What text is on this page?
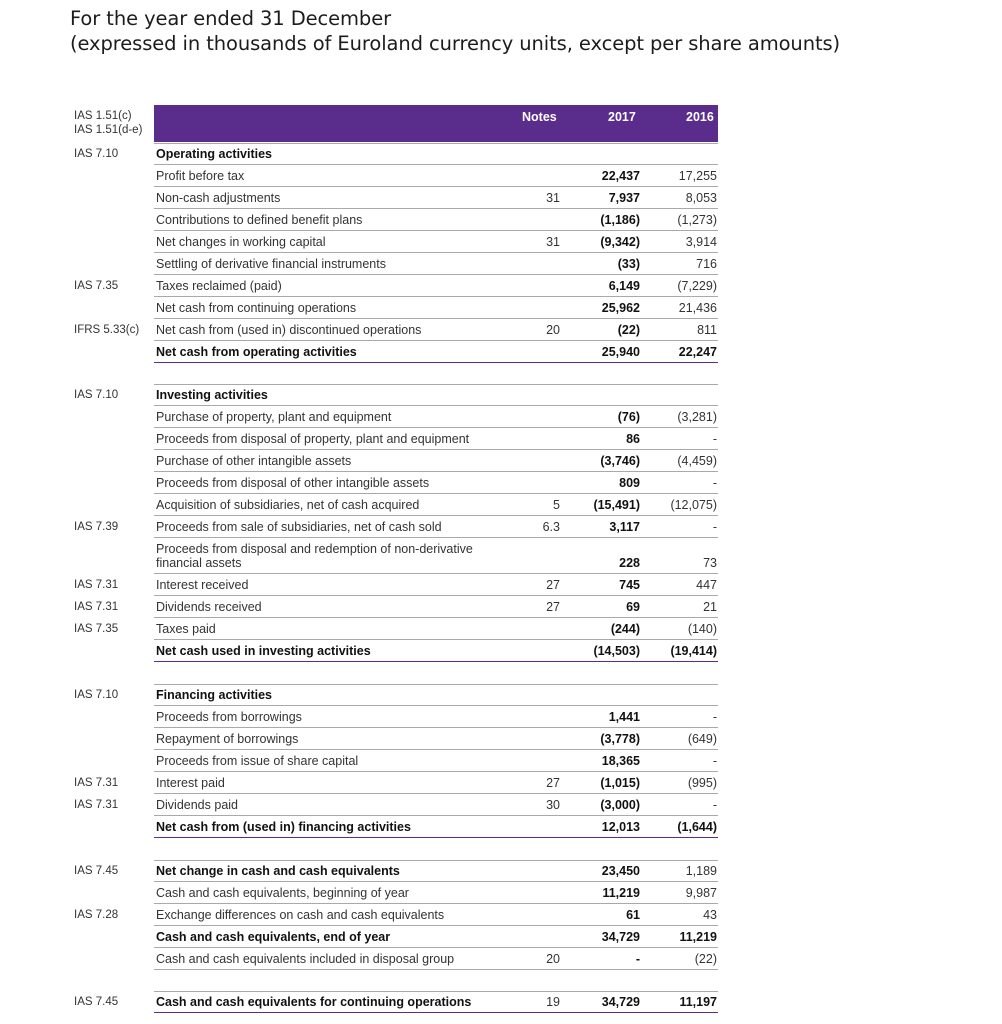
For the year ended 31 December
(expressed in thousands of Euroland currency units, except per share amounts)
IAS 1.51(c)
IAS 1.51(d-e)
Notes	2017	2016
Operating activities
IAS 7.10
Profit before tax	22,437	17,255
Non-cash adjustments	31	7,937	8,053
Contributions to defined benefit plans	(1,186)	(1,273)
Net changes in working capital	31	(9,342)	3,914
Settling of derivative financial instruments	(33)	716
Taxes reclaimed (paid)	6,149	(7,229)
IAS 7.35
Net cash from continuing operations	25,962	21,436
Net cash from (used in) discontinued operations	20	(22)	811
IFRS 5.33(c)
Net cash from operating activities	25,940	22,247
Investing activities
IAS 7.10
Purchase of property, plant and equipment	(76)	(3,281)
Proceeds from disposal of property, plant and equipment	86	-
Purchase of other intangible assets	(3,746)	(4,459)
Proceeds from disposal of other intangible assets	809	-
Acquisition of subsidiaries, net of cash acquired	5	(15,491) (12,075)
Proceeds from sale of subsidiaries, net of cash sold	6.3	3,117	-
IAS 7.39
Proceeds from disposal and redemption of non-derivative financial assets	228	73
Interest received	27	745	447
IAS 7.31
Dividends received	27	69	21
IAS 7.31
Taxes paid	(244)	(140)
IAS 7.35
Net cash used in investing activities	(14,503) (19,414)
Financing activities
IAS 7.10
Proceeds from borrowings	1,441	-
Repayment of borrowings	(3,778)	(649)
Proceeds from issue of share capital	18,365	-
Interest paid	27	(1,015)	(995)
IAS 7.31
Dividends paid	30	(3,000)	-
IAS 7.31
Net cash from (used in) financing activities	12,013	(1,644)
Net change in cash and cash equivalents	23,450	1,189
IAS 7.45
Cash and cash equivalents, beginning of year	11,219	9,987
Exchange differences on cash and cash equivalents	61	43
IAS 7.28
Cash and cash equivalents, end of year	34,729	11,219
Cash and cash equivalents included in disposal group	20	-	(22)
Cash and cash equivalents for continuing operations	19	34,729	11,197
IAS 7.45
